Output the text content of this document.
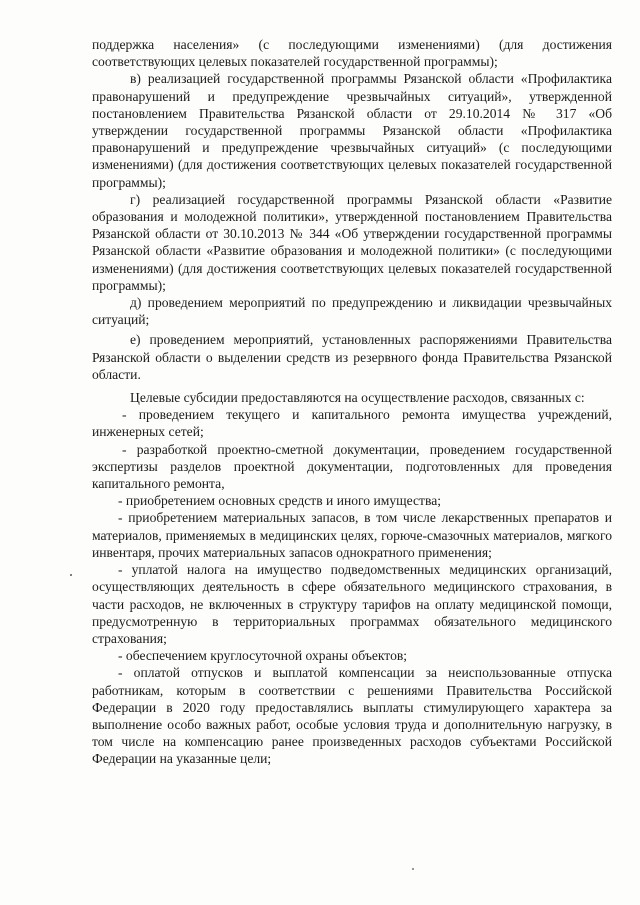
поддержка населения» (с последующими изменениями) (для достижения соответствующих целевых показателей государственной программы);

в) реализацией государственной программы Рязанской области «Профилактика правонарушений и предупреждение чрезвычайных ситуаций», утвержденной постановлением Правительства Рязанской области от 29.10.2014 № 317 «Об утверждении государственной программы Рязанской области «Профилактика правонарушений и предупреждение чрезвычайных ситуаций» (с последующими изменениями) (для достижения соответствующих целевых показателей государственной программы);

г) реализацией государственной программы Рязанской области «Развитие образования и молодежной политики», утвержденной постановлением Правительства Рязанской области от 30.10.2013 № 344 «Об утверждении государственной программы Рязанской области «Развитие образования и молодежной политики» (с последующими изменениями) (для достижения соответствующих целевых показателей государственной программы);

д) проведением мероприятий по предупреждению и ликвидации чрезвычайных ситуаций;

е) проведением мероприятий, установленных распоряжениями Правительства Рязанской области о выделении средств из резервного фонда Правительства Рязанской области.

Целевые субсидии предоставляются на осуществление расходов, связанных с:

- проведением текущего и капитального ремонта имущества учреждений, инженерных сетей;

- разработкой проектно-сметной документации, проведением государственной экспертизы разделов проектной документации, подготовленных для проведения капитального ремонта,

- приобретением основных средств и иного имущества;

- приобретением материальных запасов, в том числе лекарственных препаратов и материалов, применяемых в медицинских целях, горюче-смазочных материалов, мягкого инвентаря, прочих материальных запасов однократного применения;

- уплатой налога на имущество подведомственных медицинских организаций, осуществляющих деятельность в сфере обязательного медицинского страхования, в части расходов, не включенных в структуру тарифов на оплату медицинской помощи, предусмотренную в территориальных программах обязательного медицинского страхования;

- обеспечением круглосуточной охраны объектов;

- оплатой отпусков и выплатой компенсации за неиспользованные отпуска работникам, которым в соответствии с решениями Правительства Российской Федерации в 2020 году предоставлялись выплаты стимулирующего характера за выполнение особо важных работ, особые условия труда и дополнительную нагрузку, в том числе на компенсацию ранее произведенных расходов субъектами Российской Федерации на указанные цели;
